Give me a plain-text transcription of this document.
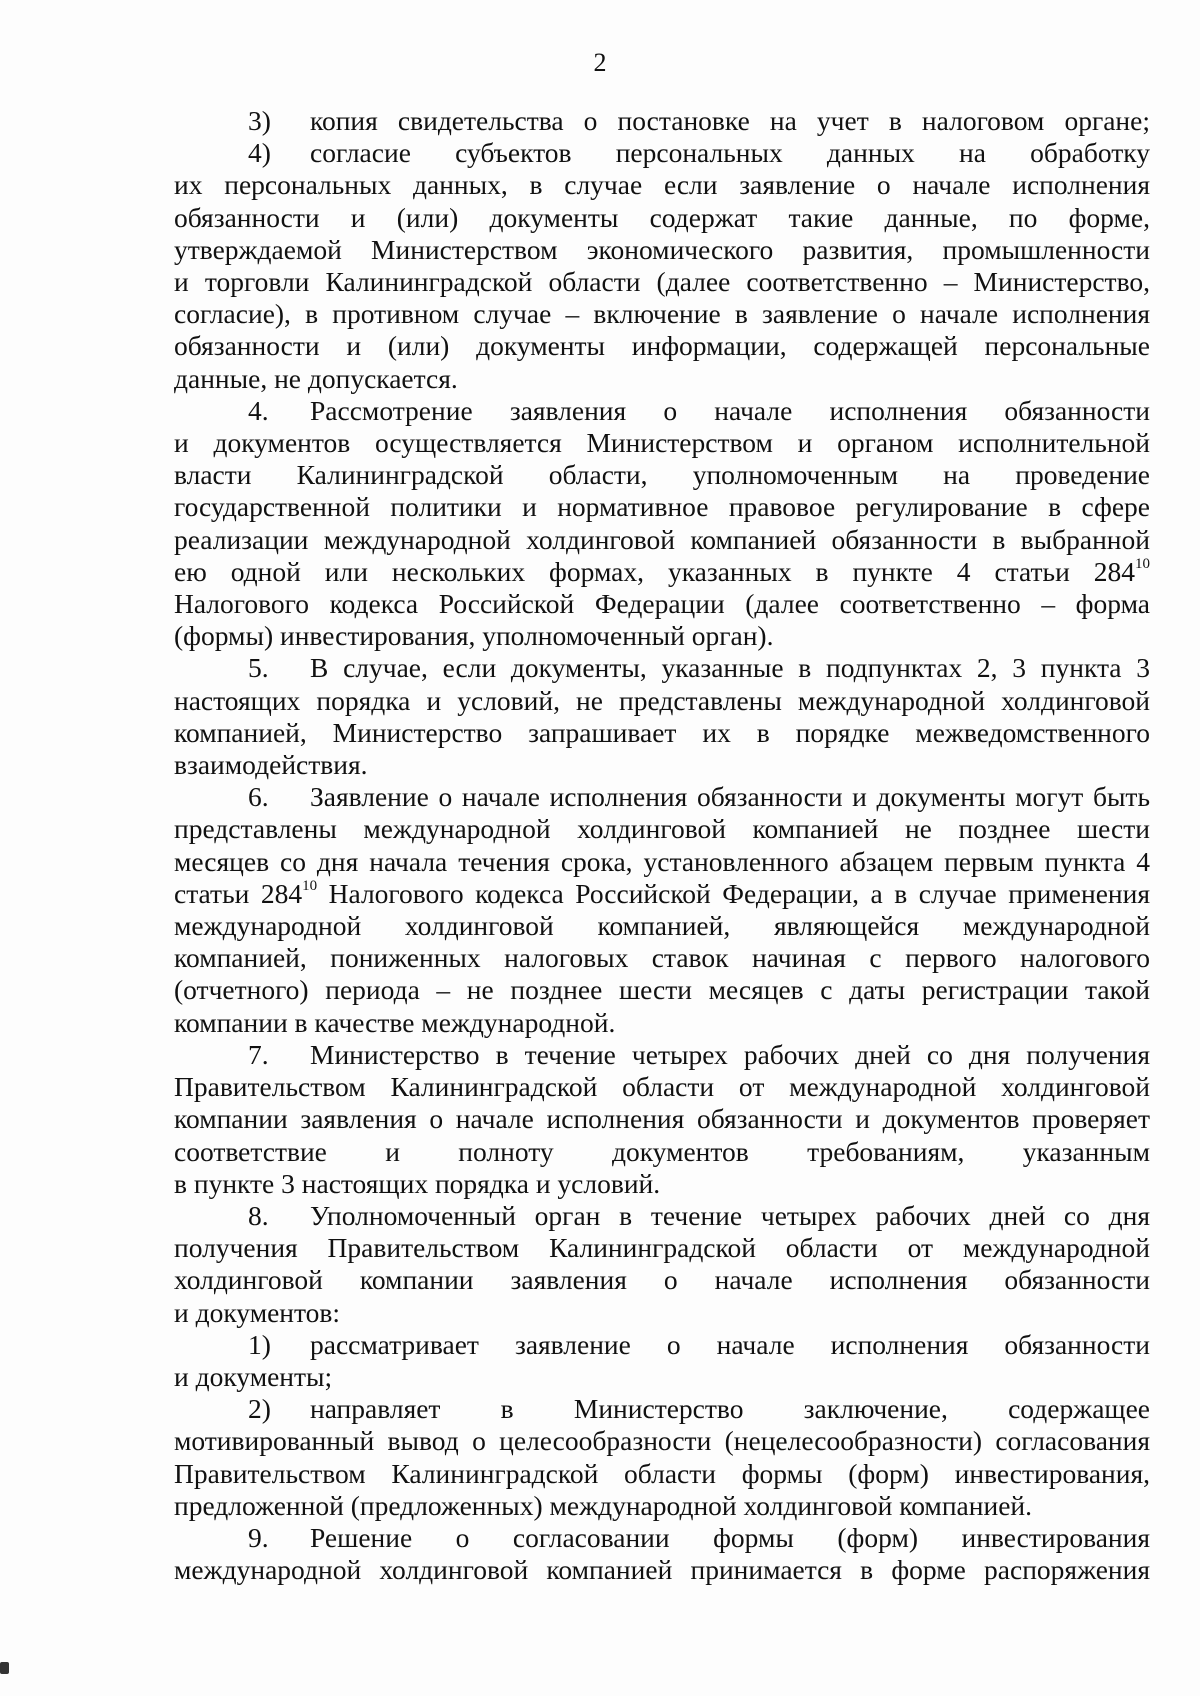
2
3) копия свидетельства о постановке на учет в налоговом органе;
4) согласие субъектов персональных данных на обработку
их персональных данных, в случае если заявление о начале исполнения
обязанности и (или) документы содержат такие данные, по форме,
утверждаемой Министерством экономического развития, промышленности
и торговли Калининградской области (далее соответственно – Министерство,
согласие), в противном случае – включение в заявление о начале исполнения
обязанности и (или) документы информации, содержащей персональные
данные, не допускается.
4. Рассмотрение заявления о начале исполнения обязанности
и документов осуществляется Министерством и органом исполнительной
власти Калининградской области, уполномоченным на проведение
государственной политики и нормативное правовое регулирование в сфере
реализации международной холдинговой компанией обязанности в выбранной
ею одной или нескольких формах, указанных в пункте 4 статьи $284^{10}$
Налогового кодекса Российской Федерации (далее соответственно – форма
(формы) инвестирования, уполномоченный орган).
5. В случае, если документы, указанные в подпунктах 2, 3 пункта 3
настоящих порядка и условий, не представлены международной холдинговой
компанией, Министерство запрашивает их в порядке межведомственного
взаимодействия.
6. Заявление о начале исполнения обязанности и документы могут быть
представлены международной холдинговой компанией не позднее шести
месяцев со дня начала течения срока, установленного абзацем первым пункта 4
статьи $284^{10}$ Налогового кодекса Российской Федерации, а в случае применения
международной холдинговой компанией, являющейся международной
компанией, пониженных налоговых ставок начиная с первого налогового
(отчетного) периода – не позднее шести месяцев с даты регистрации такой
компании в качестве международной.
7. Министерство в течение четырех рабочих дней со дня получения
Правительством Калининградской области от международной холдинговой
компании заявления о начале исполнения обязанности и документов проверяет
соответствие и полноту документов требованиям, указанным
в пункте 3 настоящих порядка и условий.
8. Уполномоченный орган в течение четырех рабочих дней со дня
получения Правительством Калининградской области от международной
холдинговой компании заявления о начале исполнения обязанности
и документов:
1) рассматривает заявление о начале исполнения обязанности
и документы;
2) направляет в Министерство заключение, содержащее
мотивированный вывод о целесообразности (нецелесообразности) согласования
Правительством Калининградской области формы (форм) инвестирования,
предложенной (предложенных) международной холдинговой компанией.
9. Решение о согласовании формы (форм) инвестирования
международной холдинговой компанией принимается в форме распоряжения
